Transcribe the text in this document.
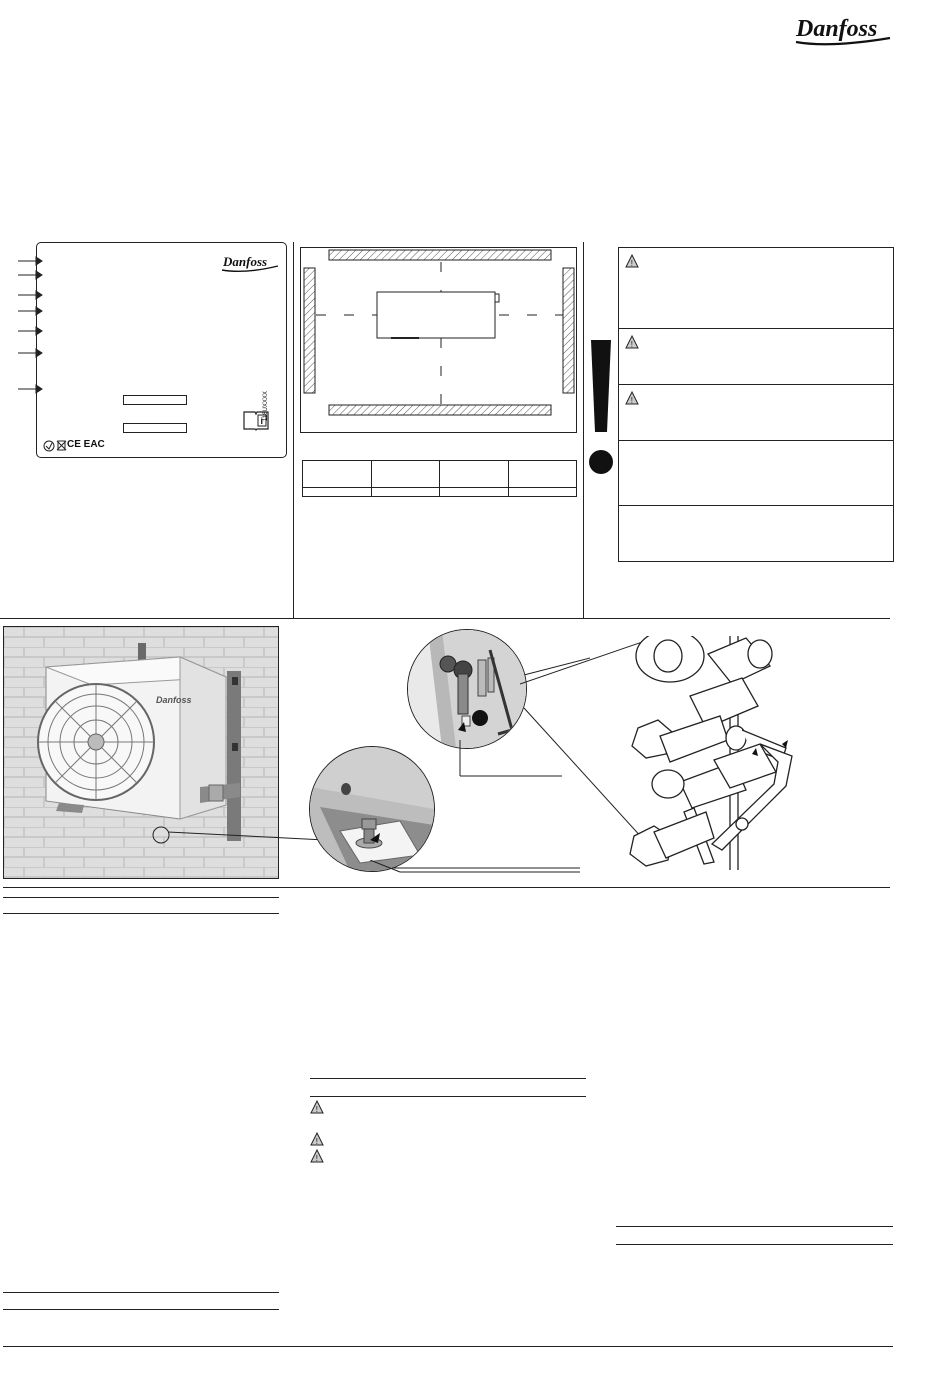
Danfoss
Danfoss
i 118UXXXX
CE EAC
!
!
!
Danfoss
!
!
!
